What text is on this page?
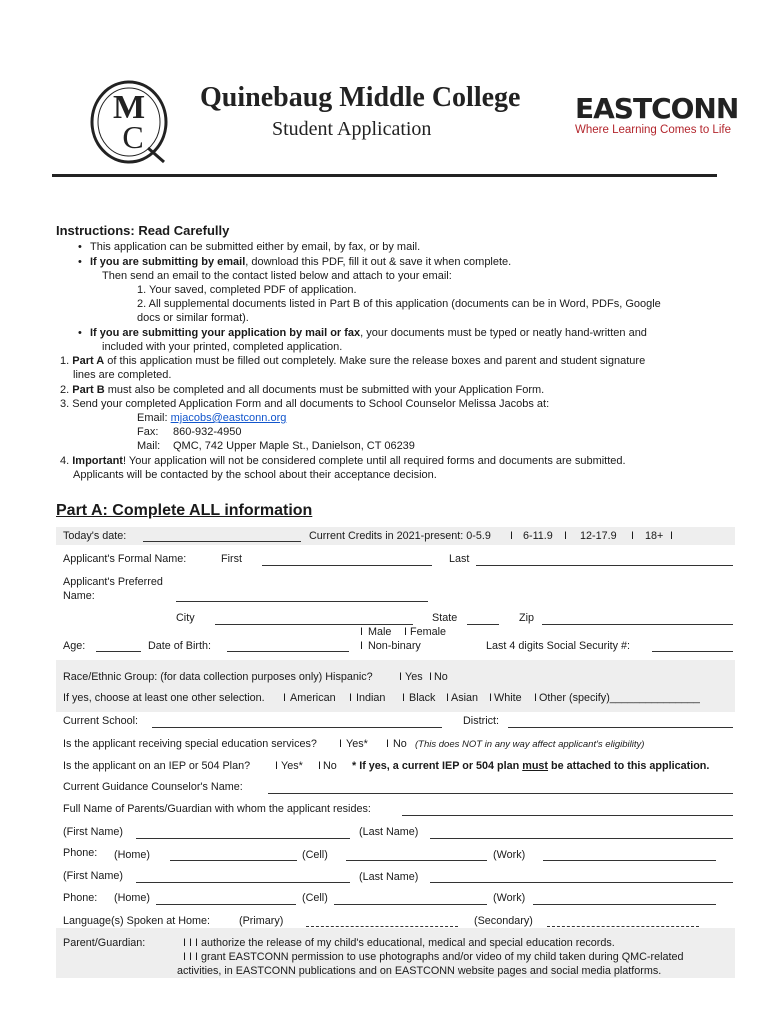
M
C
Quinebaug Middle College
Student Application
EASTCONN
Where Learning Comes to Life
Instructions: Read Carefully
• This application can be submitted either by email, by fax, or by mail.
• If you are submitting by email, download this PDF, fill it out & save it when complete.
Then send an email to the contact listed below and attach to your email:
1. Your saved, completed PDF of application.
2. All supplemental documents listed in Part B of this application (documents can be in Word, PDFs, Google
docs or similar format).
• If you are submitting your application by mail or fax, your documents must be typed or neatly hand-written and
included with your printed, completed application.
1. Part A of this application must be filled out completely. Make sure the release boxes and parent and student signature
lines are completed.
2. Part B must also be completed and all documents must be submitted with your Application Form.
3. Send your completed Application Form and all documents to School Counselor Melissa Jacobs at:
Email: mjacobs@eastconn.org
Fax: 860-932-4950
Mail: QMC, 742 Upper Maple St., Danielson, CT 06239
4. Important! Your application will not be considered complete until all required forms and documents are submitted.
Applicants will be contacted by the school about their acceptance decision.
Part A: Complete ALL information
Today's date:	Current Credits in 2021-present: 0-5.9 I 6-11.9 I 12-17.9 I 18+ I
Applicant's Formal Name:	First	Last
Applicant's Preferred
Name:
City	State	Zip
I Male I Female
Age:	Date of Birth:	I Non-binary	Last 4 digits Social Security #:
Race/Ethnic Group: (for data collection purposes only) Hispanic? I Yes I No
If yes, choose at least one other selection. I American I Indian I Black I Asian I White I Other (specify)_______________
Current School:	District:
Is the applicant receiving special education services? I Yes* I No (This does NOT in any way affect applicant's eligibility)
Is the applicant on an IEP or 504 Plan? I Yes* I No * If yes, a current IEP or 504 plan must be attached to this application.
Current Guidance Counselor's Name:
Full Name of Parents/Guardian with whom the applicant resides:
(First Name)	(Last Name)
Phone: (Home)	(Cell)	(Work)
(First Name)	(Last Name)
Phone: (Home)	(Cell)	(Work)
Language(s) Spoken at Home:	(Primary)	(Secondary)
Parent/Guardian:	I I I authorize the release of my child's educational, medical and special education records.
I I I grant EASTCONN permission to use photographs and/or video of my child taken during QMC-related
activities, in EASTCONN publications and on EASTCONN website pages and social media platforms.
